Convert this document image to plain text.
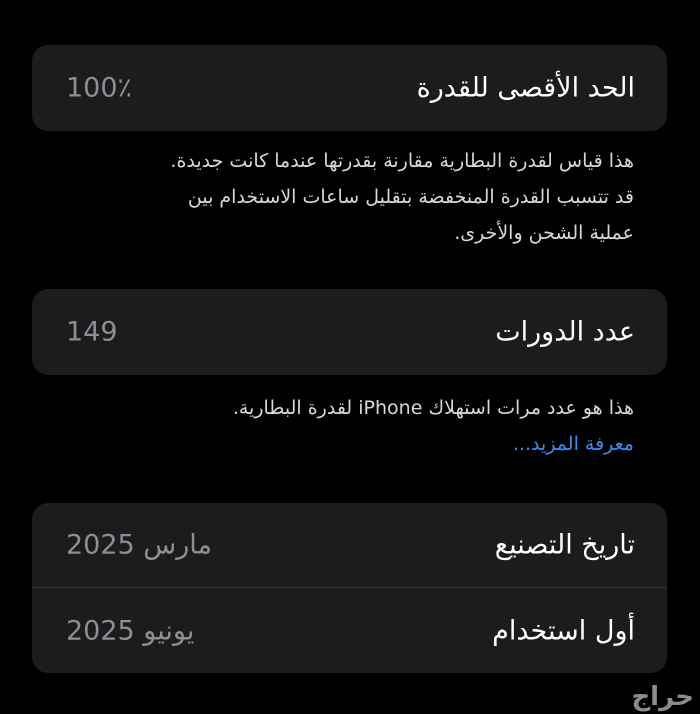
الحد الأقصى للقدرة
100٪
هذا قياس لقدرة البطارية مقارنة بقدرتها عندما كانت جديدة.
قد تتسبب القدرة المنخفضة بتقليل ساعات الاستخدام بين
عملية الشحن والأخرى.
عدد الدورات
149
هذا هو عدد مرات استهلاك iPhone لقدرة البطارية.
معرفة المزيد...
تاريخ التصنيع
مارس 2025
أول استخدام
يونيو 2025
حراج
